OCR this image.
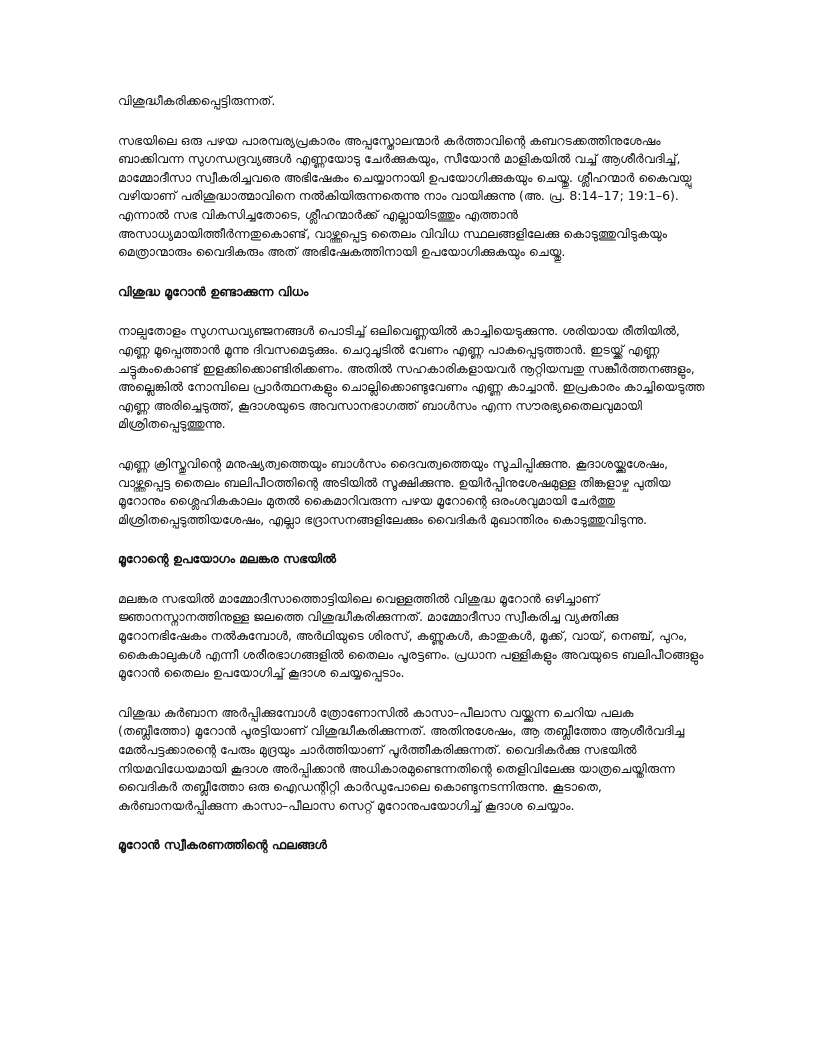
വിശുദ്ധീകരിക്കപ്പെട്ടിരുന്നത്.

സഭയിലെ ഒരു പഴയ പാരമ്പര്യപ്രകാരം അപ്പസ്തോലന്മാർ കർത്താവിന്റെ കബറടക്കത്തിനുശേഷം ബാക്കിവന്ന സുഗന്ധദ്രവ്യങ്ങൾ എണ്ണയോടു ചേർക്കുകയും, സീയോൻ മാളികയിൽ വച്ച് ആശീർവദിച്ച്, മാമ്മോദീസാ സ്വീകരിച്ചവരെ അഭിഷേകം ചെയ്യാനായി ഉപയോഗിക്കുകയും ചെയ്തു. ശ്ലീഹന്മാർ കൈവയ്പു വഴിയാണ് പരിശുദ്ധാത്മാവിനെ നൽകിയിരുന്നതെന്നു നാം വായിക്കുന്നു (അ. പ്ര. 8:14–17; 19:1–6). എന്നാൽ സഭ വികസിച്ചതോടെ, ശ്ലീഹന്മാർക്ക് എല്ലായിടത്തും എത്താൻ അസാധ്യമായിത്തീർന്നതുകൊണ്ട്, വാഴ്ത്തപ്പെട്ട തൈലം വിവിധ സ്ഥലങ്ങളിലേക്കു കൊടുത്തുവിടുകയും മെത്രാന്മാരും വൈദികരും അത് അഭിഷേകത്തിനായി ഉപയോഗിക്കുകയും ചെയ്തു.

വിശുദ്ധ മൂറോൻ ഉണ്ടാക്കുന്ന വിധം

നാല്പതോളം സുഗന്ധവ്യഞ്ജനങ്ങൾ പൊടിച്ച് ഒലിവെണ്ണയിൽ കാച്ചിയെടുക്കുന്നു. ശരിയായ രീതിയിൽ, എണ്ണ മൂപ്പെത്താൻ മൂന്നു ദിവസമെടുക്കും. ചെറുചൂടിൽ വേണം എണ്ണ പാകപ്പെടുത്താൻ. ഇടയ്ക്ക് എണ്ണ ചട്ടുകംകൊണ്ട് ഇളക്കിക്കൊണ്ടിരിക്കണം. അതിൽ സഹകാരികളായവർ നൂറ്റിയമ്പതു സങ്കീർത്തനങ്ങളും, അല്ലെങ്കിൽ നോമ്പിലെ പ്രാർത്ഥനകളും ചൊല്ലിക്കൊണ്ടുവേണം എണ്ണ കാച്ചാൻ. ഇപ്രകാരം കാച്ചിയെടുത്ത എണ്ണ അരിച്ചെടുത്ത്, കൂദാശയുടെ അവസാനഭാഗത്ത് ബാൾസം എന്ന സൗരഭ്യതൈലവുമായി മിശ്രിതപ്പെടുത്തുന്നു.

എണ്ണ ക്രിസ്തുവിന്റെ മനുഷ്യത്വത്തെയും ബാൾസം ദൈവത്വത്തെയും സൂചിപ്പിക്കുന്നു. കൂദാശയ്ക്കുശേഷം, വാഴ്ത്തപ്പെട്ട തൈലം ബലിപീഠത്തിന്റെ അടിയിൽ സൂക്ഷിക്കുന്നു. ഉയിർപ്പിനുശേഷമുള്ള തിങ്കളാഴ്ച പുതിയ മൂറോനും ശ്ലൈഹികകാലം മുതൽ കൈമാറിവരുന്ന പഴയ മൂറോന്റെ ഒരംശവുമായി ചേർത്തു മിശ്രിതപ്പെടുത്തിയശേഷം, എല്ലാ ഭദ്രാസനങ്ങളിലേക്കും വൈദികർ മുഖാന്തിരം കൊടുത്തുവിടുന്നു.

മൂറോന്റെ ഉപയോഗം മലങ്കര സഭയിൽ

മലങ്കര സഭയിൽ മാമ്മോദീസാത്തൊട്ടിയിലെ വെള്ളത്തിൽ വിശുദ്ധ മൂറോൻ ഒഴിച്ചാണ് ജ്ഞാനസ്നാനത്തിനുള്ള ജലത്തെ വിശുദ്ധീകരിക്കുന്നത്. മാമ്മോദീസാ സ്വീകരിച്ച വ്യക്തിക്കു മൂറോനഭിഷേകം നൽകുമ്പോൾ, അർഥിയുടെ ശിരസ്, കണ്ണുകൾ, കാതുകൾ, മൂക്ക്, വായ്, നെഞ്ച്, പുറം, കൈകാലുകൾ എന്നീ ശരീരഭാഗങ്ങളിൽ തൈലം പൂരട്ടണം. പ്രധാന പള്ളികളും അവയുടെ ബലിപീഠങ്ങളും മൂറോൻ തൈലം ഉപയോഗിച്ച് കൂദാശ ചെയ്യപ്പെടാം.

വിശുദ്ധ കുർബാന അർപ്പിക്കുമ്പോൾ ത്രോണോസിൽ കാസാ–പീലാസ വയ്ക്കുന്ന ചെറിയ പലക (തബ്ലീത്തോ) മൂറോൻ പൂരട്ടിയാണ് വിശുദ്ധീകരിക്കുന്നത്. അതിനുശേഷം, ആ തബ്ലീത്തോ ആശീർവദിച്ച മേൽപട്ടക്കാരന്റെ പേരും മുദ്രയും ചാർത്തിയാണ് പൂർത്തീകരിക്കുന്നത്. വൈദികർക്കു സഭയിൽ നിയമവിധേയമായി കൂദാശ അർപ്പിക്കാൻ അധികാരമുണ്ടെന്നതിന്റെ തെളിവിലേക്കു യാത്രചെയ്തിരുന്ന വൈദികർ തബ്ലീത്തോ ഒരു ഐഡന്റിറ്റി കാർഡുപോലെ കൊണ്ടുനടന്നിരുന്നു. കൂടാതെ, കുർബാനയർപ്പിക്കുന്ന കാസാ–പീലാസ സെറ്റ് മൂറോനുപയോഗിച്ച് കൂദാശ ചെയ്യാം.

മൂറോൻ സ്വീകരണത്തിന്റെ ഫലങ്ങൾ
